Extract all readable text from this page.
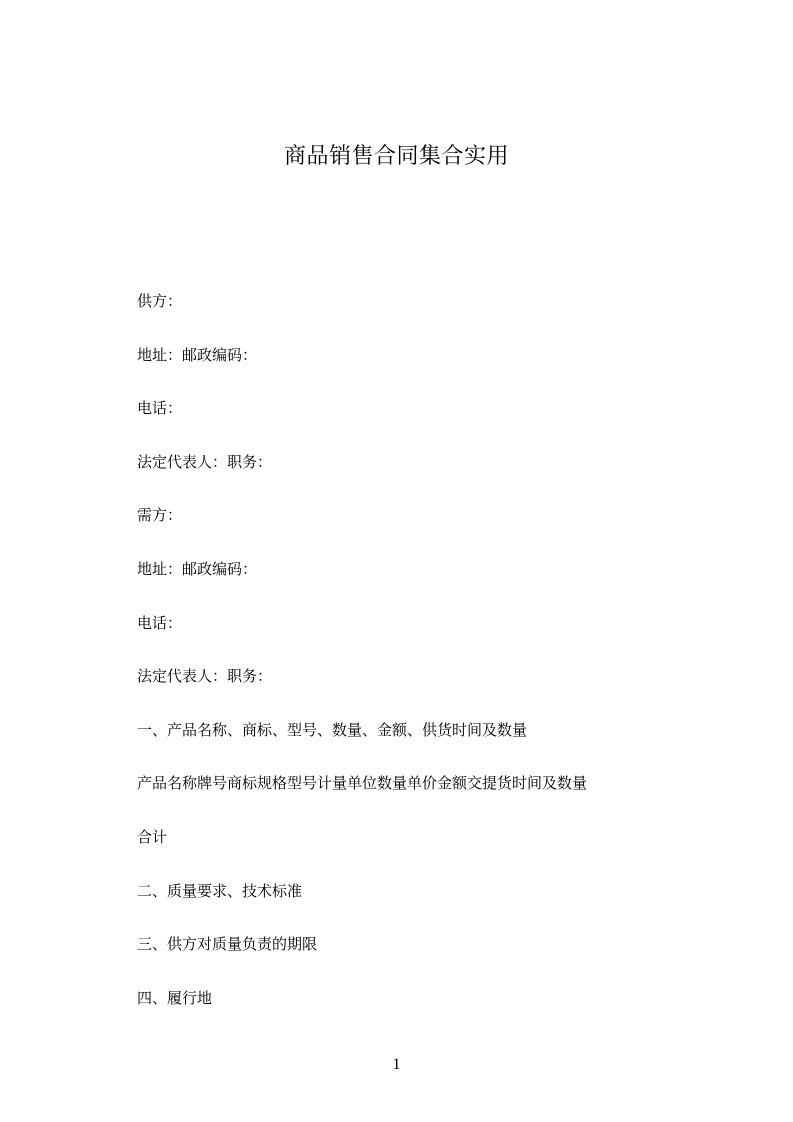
商品销售合同集合实用
供方：
地址：邮政编码：
电话：
法定代表人：职务：
需方：
地址：邮政编码：
电话：
法定代表人：职务：
一、产品名称、商标、型号、数量、金额、供货时间及数量
产品名称牌号商标规格型号计量单位数量单价金额交提货时间及数量
合计
二、质量要求、技术标准
三、供方对质量负责的期限
四、履行地
1
